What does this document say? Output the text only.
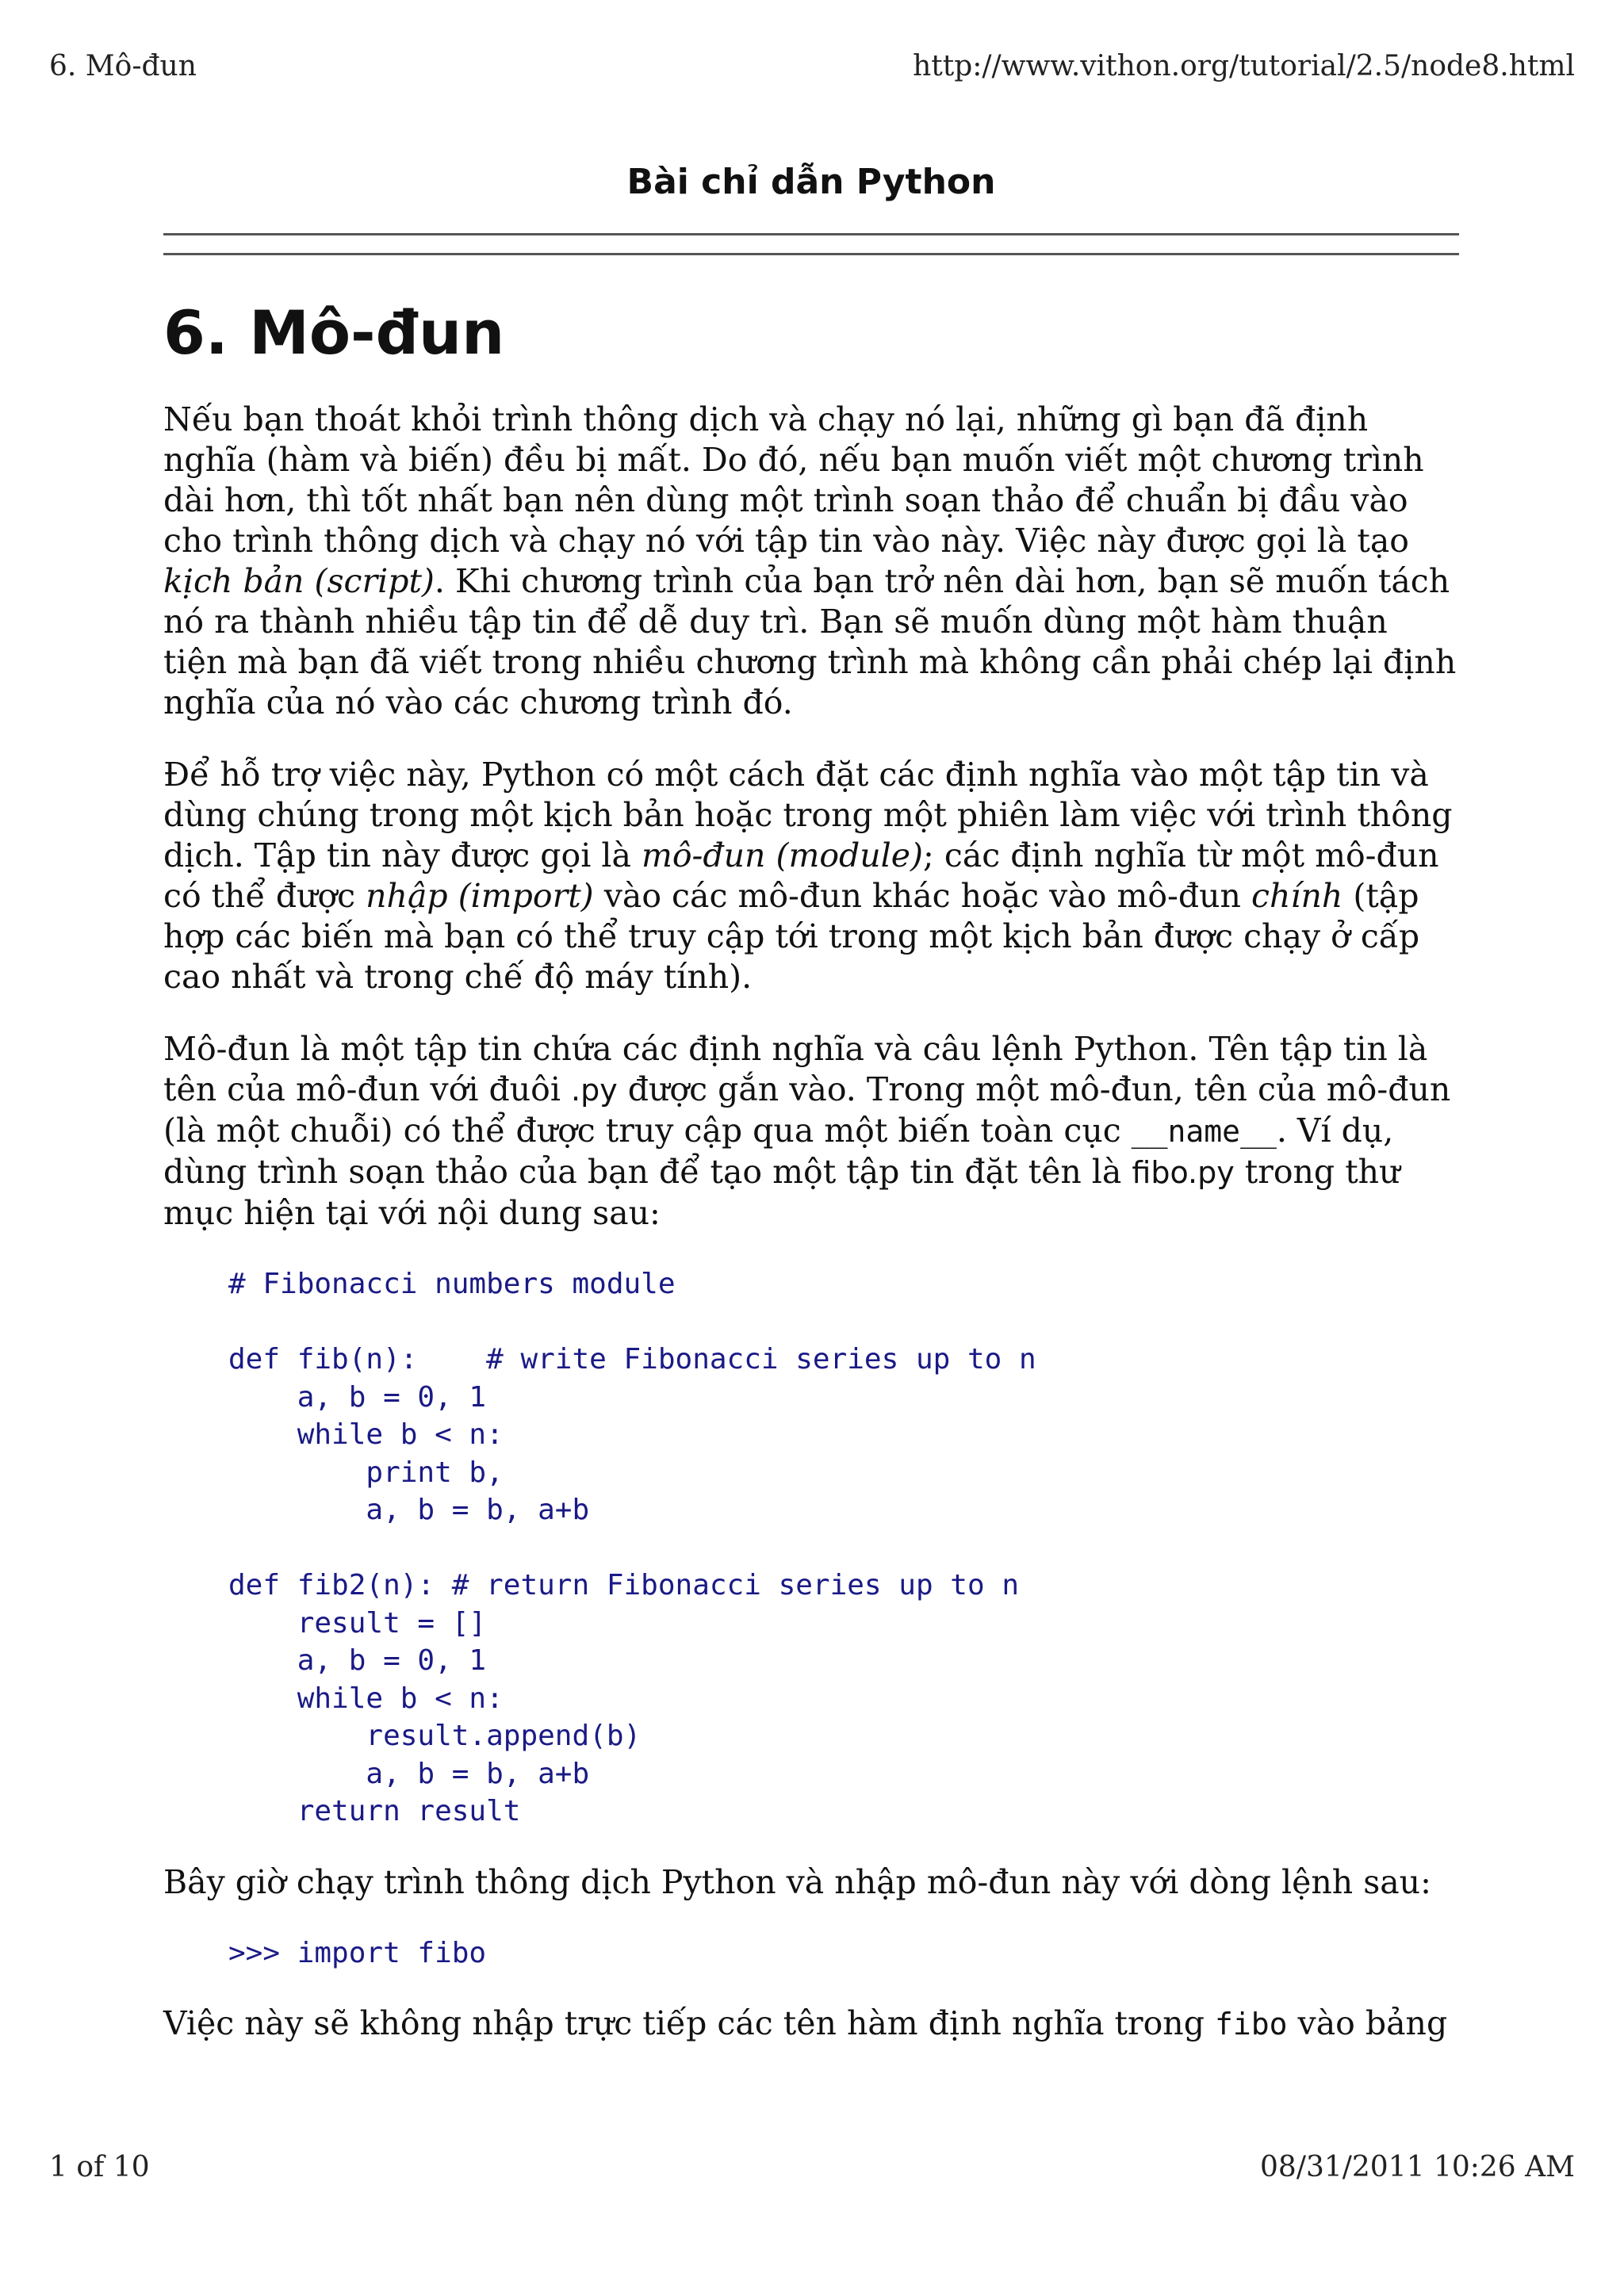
6. Mô-đun	http://www.vithon.org/tutorial/2.5/node8.html
Bài chỉ dẫn Python
6. Mô-đun

Nếu bạn thoát khỏi trình thông dịch và chạy nó lại, những gì bạn đã định nghĩa (hàm và biến) đều bị mất. Do đó, nếu bạn muốn viết một chương trình dài hơn, thì tốt nhất bạn nên dùng một trình soạn thảo để chuẩn bị đầu vào cho trình thông dịch và chạy nó với tập tin vào này. Việc này được gọi là tạo kịch bản (script). Khi chương trình của bạn trở nên dài hơn, bạn sẽ muốn tách nó ra thành nhiều tập tin để dễ duy trì. Bạn sẽ muốn dùng một hàm thuận tiện mà bạn đã viết trong nhiều chương trình mà không cần phải chép lại định nghĩa của nó vào các chương trình đó.

Để hỗ trợ việc này, Python có một cách đặt các định nghĩa vào một tập tin và dùng chúng trong một kịch bản hoặc trong một phiên làm việc với trình thông dịch. Tập tin này được gọi là mô-đun (module); các định nghĩa từ một mô-đun có thể được nhập (import) vào các mô-đun khác hoặc vào mô-đun chính (tập hợp các biến mà bạn có thể truy cập tới trong một kịch bản được chạy ở cấp cao nhất và trong chế độ máy tính).

Mô-đun là một tập tin chứa các định nghĩa và câu lệnh Python. Tên tập tin là tên của mô-đun với đuôi .py được gắn vào. Trong một mô-đun, tên của mô-đun (là một chuỗi) có thể được truy cập qua một biến toàn cục __name__. Ví dụ, dùng trình soạn thảo của bạn để tạo một tập tin đặt tên là fibo.py trong thư mục hiện tại với nội dung sau:

# Fibonacci numbers module
def fib(n):    # write Fibonacci series up to n
a, b = 0, 1
while b < n:
print b,
a, b = b, a+b
def fib2(n): # return Fibonacci series up to n
result = []
a, b = 0, 1
while b < n:
result.append(b)
a, b = b, a+b
return result

Bây giờ chạy trình thông dịch Python và nhập mô-đun này với dòng lệnh sau:

>>> import fibo

Việc này sẽ không nhập trực tiếp các tên hàm định nghĩa trong fibo vào bảng

1 of 10	08/31/2011 10:26 AM
